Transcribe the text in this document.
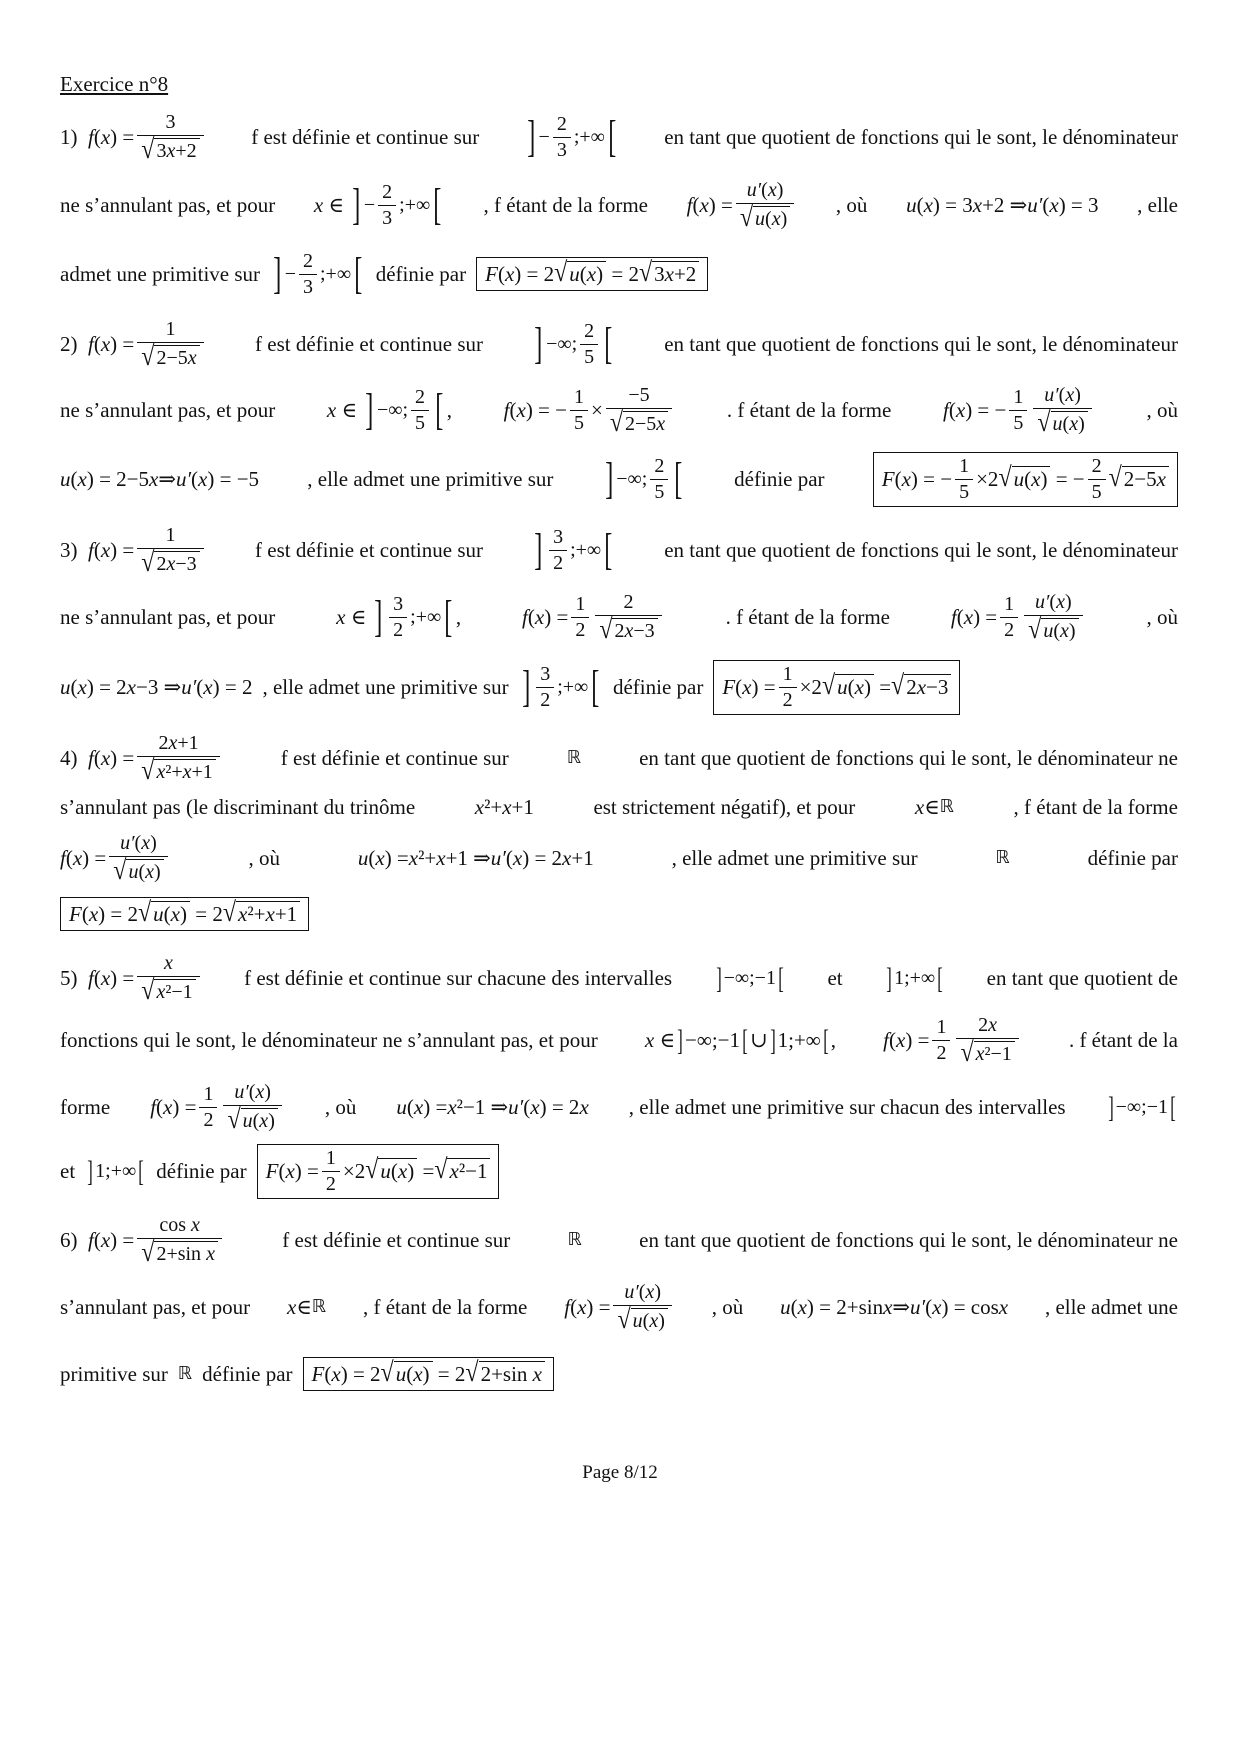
Exercice n°8
1)
f ( x ) = $\frac{3}{√ 3x+2}$ f est définie et continue sur ] − $\frac{2}{3}$ ;+∞ [ en tant que quotient de fonctions qui le sont, le dénominateur
ne s’annulant pas, et pour x ∈ ] − $\frac{2}{3}$ ;+∞ [ , f étant de la forme f ( x ) = $\frac{u'(x)}{√ u(x)}$ , où u ( x ) = 3 x +2 ⇒ u′ ( x ) = 3 , elle
admet une primitive sur ] − $\frac{2}{3}$ ;+∞ [ définie par F ( x ) = 2 √ u(x) = 2 √ 3x+2
2)
f ( x ) = $\frac{1}{√ 2-5x}$ f est définie et continue sur ] −∞; $\frac{2}{5}$ [ en tant que quotient de fonctions qui le sont, le dénominateur
ne s’annulant pas, et pour x ∈ ] −∞; $\frac{2}{5}$ [ , f ( x ) = − $\frac{1}{5} \times \frac{-5}{√ 2-5x}$	. f étant de la forme f ( x ) = − $\frac{1}{5} \frac{u'(x)}{√ u(x)}$	, où
u ( x ) = 2−5 x ⇒ u′ ( x ) = −5 , elle admet une primitive sur ] −∞; $\frac{2}{5}$ [ définie par	F ( x ) = − $\frac{1}{5} \times 2$ √ u(x) = − $\frac{2}{5}$ √ 2−5x
3)
f ( x ) = $\frac{1}{√ 2x-3}$ f est définie et continue sur ] $\frac{3}{2}$ ;+∞ [ en tant que quotient de fonctions qui le sont, le dénominateur
ne s’annulant pas, et pour	x ∈ ] $\frac{3}{2}$ ;+∞ [ ,	f ( x ) = $\frac{1}{2} \frac{2}{√ 2x-3}$	. f étant de la forme	f ( x ) = $\frac{1}{2} \frac{u'(x)}{√ u(x)}$	, où
u ( x ) = 2 x −3 ⇒ u′ ( x ) = 2 , elle admet une primitive sur ] $\frac{3}{2}$ ;+∞ [ définie par F ( x ) = $\frac{1}{2} \times 2$ √ u(x) = √ 2x−3
4)
f ( x ) = $\frac{2x+1}{\text{√ x²+x+1}}$	f est définie et continue sur	ℝ	en tant que quotient de fonctions qui le sont, le dénominateur ne
s’annulant pas (le discriminant du trinôme	x ²+ x +1	est strictement négatif), et pour	x ∈ ℝ	, f étant de la forme
f ( x ) = $\frac{u'(x)}{√ u(x)}$	, où	u ( x ) = x ²+ x +1 ⇒ u′ ( x ) = 2 x +1	, elle admet une primitive sur	ℝ	définie par
F ( x ) = 2 √ u(x) = 2 √ x²+x+1
5)
f ( x ) = $\frac{x}{\text{√ x²−1}}$ f est définie et continue sur chacune des intervalles ] −∞;−1 [ et ] 1;+∞ [ en tant que quotient de
fonctions qui le sont, le dénominateur ne s’annulant pas, et pour x ∈ ] −∞;−1 [ ∪ ] 1;+∞ [ , f ( x ) = $\frac{1}{2} \frac{2x}{\text{√ x²−1}}$ . f étant de la
forme f ( x ) = $\frac{1}{2} \frac{u'(x)}{√ u(x)}$ , où u ( x ) = x ²−1 ⇒ u′ ( x ) = 2 x , elle admet une primitive sur chacun des intervalles ] −∞;−1 [
et ] 1;+∞ [ définie par F ( x ) = $\frac{1}{2} \times 2$ √ u(x) = √ x²−1
6)
f ( x ) = $\frac{\text{cos x}}{\text{√ 2+sin x}}$	f est définie et continue sur	ℝ	en tant que quotient de fonctions qui le sont, le dénominateur ne
s’annulant pas, et pour x ∈ ℝ , f étant de la forme f ( x ) = $\frac{u'(x)}{√ u(x)}$ , où u ( x ) = 2+sin x ⇒ u′ ( x ) = cos x , elle admet une
primitive sur ℝ définie par F ( x ) = 2 √ u(x) = 2 √ 2+sin x
Page 8/12
